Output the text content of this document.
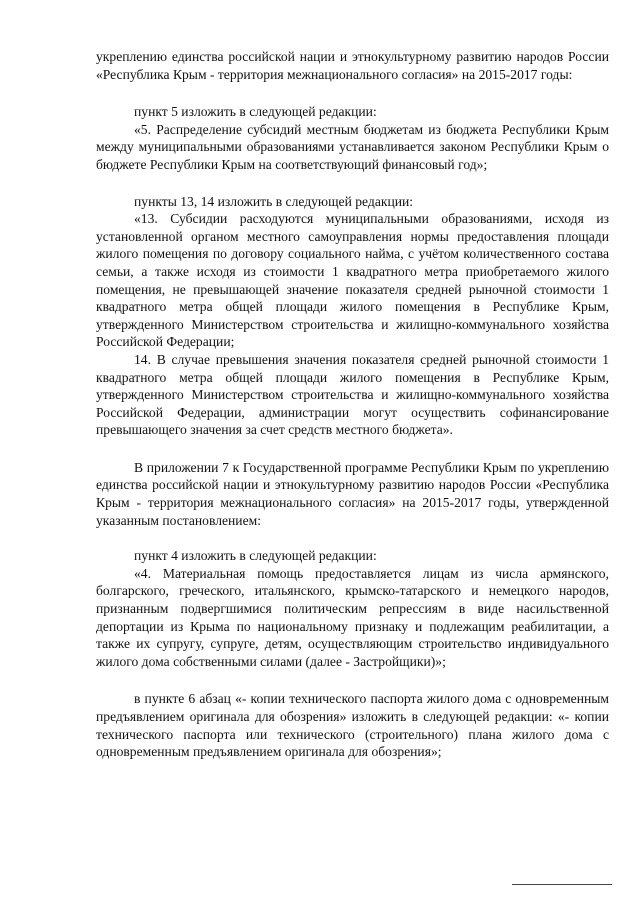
укреплению единства российской нации и этнокультурному развитию народов России «Республика Крым - территория межнационального согласия» на 2015-2017 годы:

пункт 5 изложить в следующей редакции:

«5. Распределение субсидий местным бюджетам из бюджета Республики Крым между муниципальными образованиями устанавливается законом Республики Крым о бюджете Республики Крым на соответствующий финансовый год»;

пункты 13, 14 изложить в следующей редакции:

«13. Субсидии расходуются муниципальными образованиями, исходя из установленной органом местного самоуправления нормы предоставления площади жилого помещения по договору социального найма, с учётом количественного состава семьи, а также исходя из стоимости 1 квадратного метра приобретаемого жилого помещения, не превышающей значение показателя средней рыночной стоимости 1 квадратного метра общей площади жилого помещения в Республике Крым, утвержденного Министерством строительства и жилищно-коммунального хозяйства Российской Федерации;

14. В случае превышения значения показателя средней рыночной стоимости 1 квадратного метра общей площади жилого помещения в Республике Крым, утвержденного Министерством строительства и жилищно-коммунального хозяйства Российской Федерации, администрации могут осуществить софинансирование превышающего значения за счет средств местного бюджета».

В приложении 7 к Государственной программе Республики Крым по укреплению единства российской нации и этнокультурному развитию народов России «Республика Крым - территория межнационального согласия» на 2015-2017 годы, утвержденной указанным постановлением:

пункт 4 изложить в следующей редакции:

«4. Материальная помощь предоставляется лицам из числа армянского, болгарского, греческого, итальянского, крымско-татарского и немецкого народов, признанным подвергшимися политическим репрессиям в виде насильственной депортации из Крыма по национальному признаку и подлежащим реабилитации, а также их супругу, супруге, детям, осуществляющим строительство индивидуального жилого дома собственными силами (далее - Застройщики)»;

в пункте 6 абзац «- копии технического паспорта жилого дома с одновременным предъявлением оригинала для обозрения» изложить в следующей редакции: «- копии технического паспорта или технического (строительного) плана жилого дома с одновременным предъявлением оригинала для обозрения»;
